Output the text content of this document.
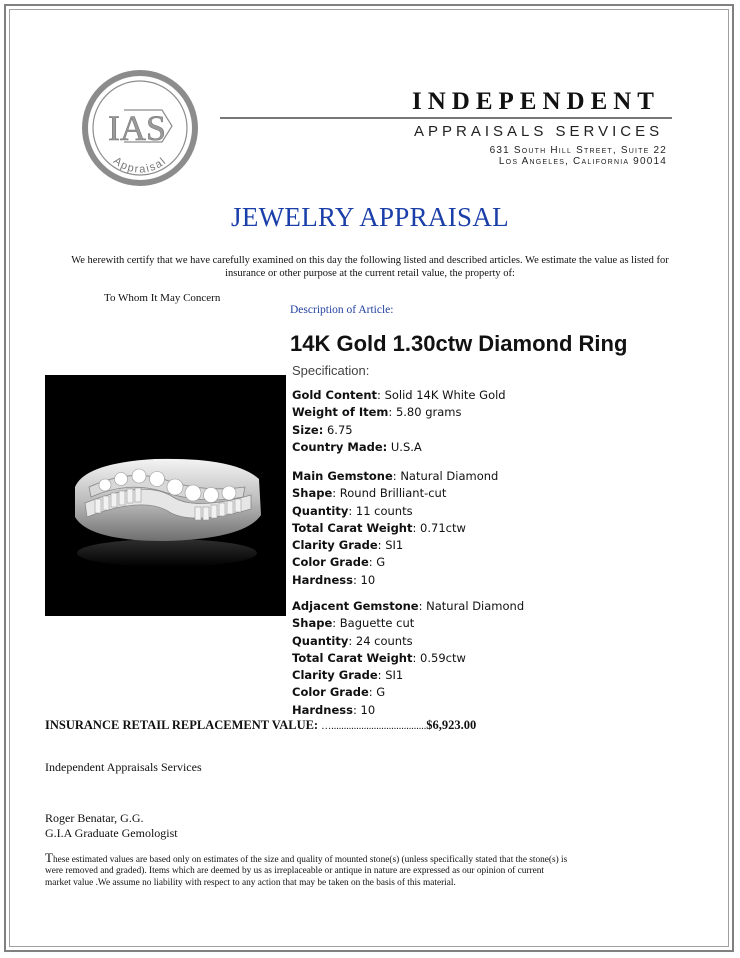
IAS
Appraisal
INDEPENDENT
APPRAISALS SERVICES
631 South Hill Street, Suite 22
Los Angeles, California 90014
JEWELRY APPRAISAL
We herewith certify that we have carefully examined on this day the following listed and described articles. We estimate the value as listed for
insurance or other purpose at the current retail value, the property of:
To Whom It May Concern
Description of Article:
14K Gold 1.30ctw Diamond Ring
Specification:
Gold Content: Solid 14K White Gold
Weight of Item: 5.80 grams
Size: 6.75
Country Made: U.S.A
Main Gemstone: Natural Diamond
Shape: Round Brilliant-cut
Quantity: 11 counts
Total Carat Weight: 0.71ctw
Clarity Grade: SI1
Color Grade: G
Hardness: 10
Adjacent Gemstone: Natural Diamond
Shape: Baguette cut
Quantity: 24 counts
Total Carat Weight: 0.59ctw
Clarity Grade: SI1
Color Grade: G
Hardness: 10
INSURANCE RETAIL REPLACEMENT VALUE: …......................................$6,923.00
Independent Appraisals Services
Roger Benatar, G.G.
G.I.A Graduate Gemologist
These estimated values are based only on estimates of the size and quality of mounted stone(s) (unless specifically stated that the stone(s) is
were removed and graded). Items which are deemed by us as irreplaceable or antique in nature are expressed as our opinion of current
market value .We assume no liability with respect to any action that may be taken on the basis of this material.
